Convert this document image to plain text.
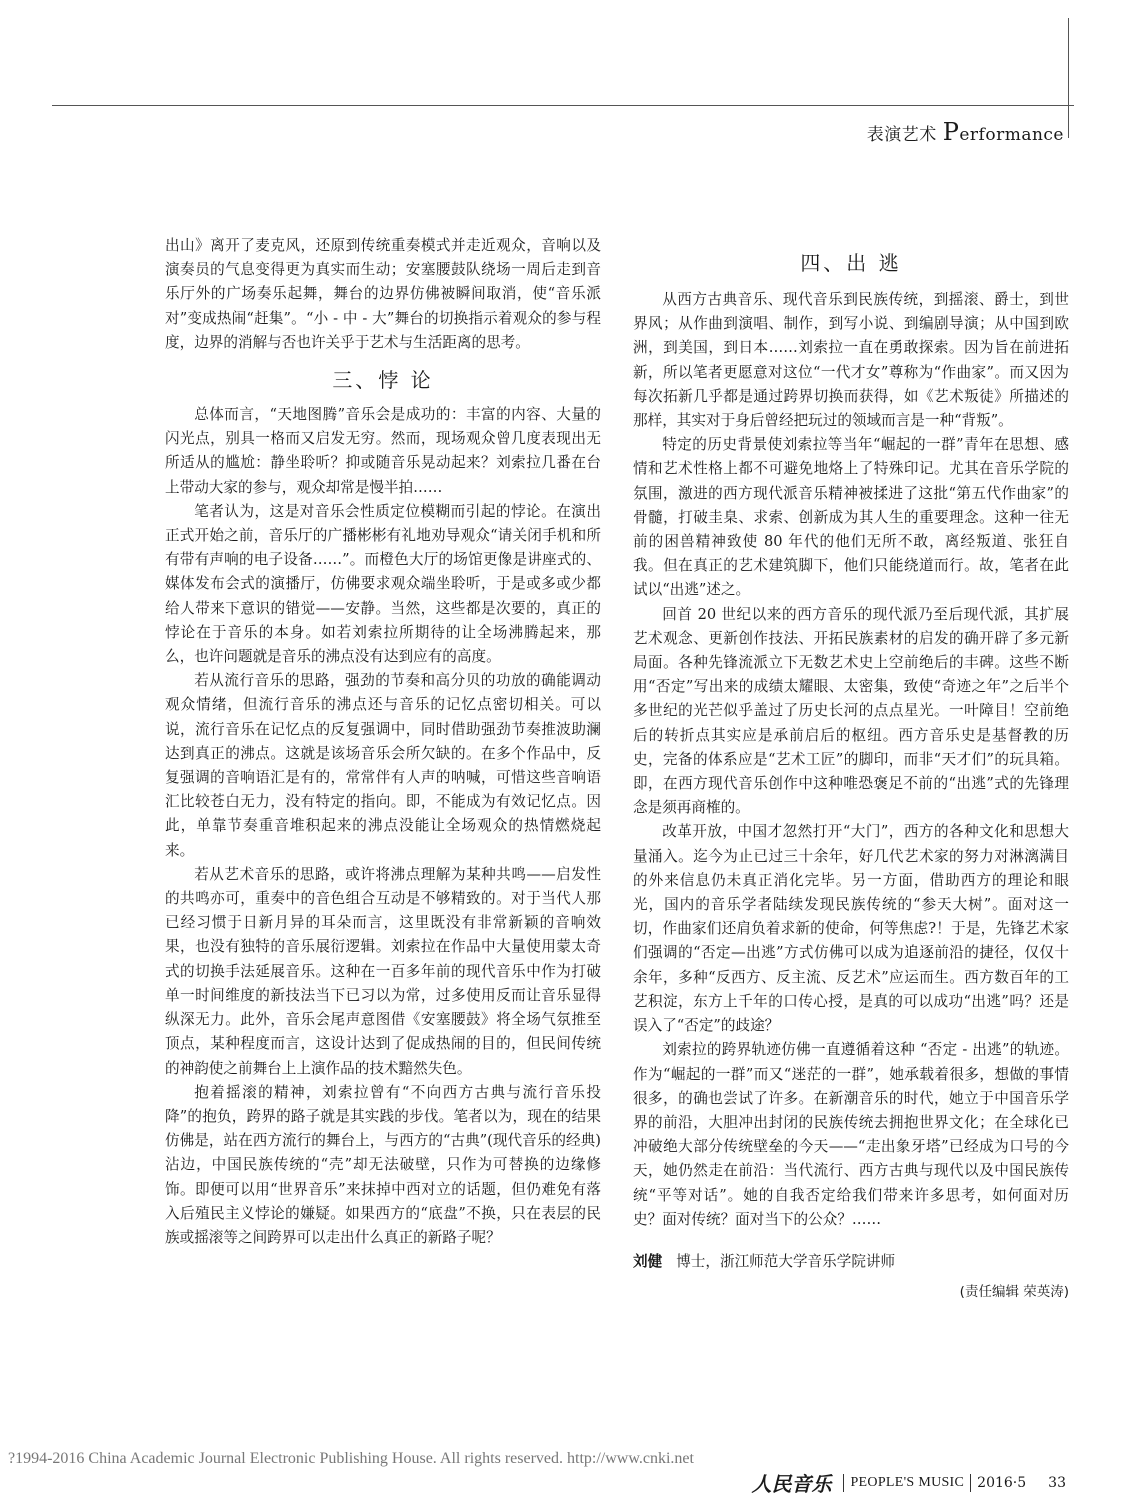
表演艺术 Performance

出山》离开了麦克风，还原到传统重奏模式并走近观众，音响以及演奏员的气息变得更为真实而生动；安塞腰鼓队绕场一周后走到音乐厅外的广场奏乐起舞，舞台的边界仿佛被瞬间取消，使“音乐派对”变成热闹“赶集”。“小 - 中 - 大”舞台的切换指示着观众的参与程度，边界的消解与否也许关乎于艺术与生活距离的思考。

三、悖 论

总体而言，“天地图腾”音乐会是成功的：丰富的内容、大量的闪光点，别具一格而又启发无穷。然而，现场观众曾几度表现出无所适从的尴尬：静坐聆听？抑或随音乐晃动起来？刘索拉几番在台上带动大家的参与，观众却常是慢半拍……

笔者认为，这是对音乐会性质定位模糊而引起的悖论。在演出正式开始之前，音乐厅的广播彬彬有礼地劝导观众“请关闭手机和所有带有声响的电子设备……”。而橙色大厅的场馆更像是讲座式的、媒体发布会式的演播厅，仿佛要求观众端坐聆听，于是或多或少都给人带来下意识的错觉——安静。当然，这些都是次要的，真正的悖论在于音乐的本身。如若刘索拉所期待的让全场沸腾起来，那么，也许问题就是音乐的沸点没有达到应有的高度。

若从流行音乐的思路，强劲的节奏和高分贝的功放的确能调动观众情绪，但流行音乐的沸点还与音乐的记忆点密切相关。可以说，流行音乐在记忆点的反复强调中，同时借助强劲节奏推波助澜达到真正的沸点。这就是该场音乐会所欠缺的。在多个作品中，反复强调的音响语汇是有的，常常伴有人声的呐喊，可惜这些音响语汇比较苍白无力，没有特定的指向。即，不能成为有效记忆点。因此，单靠节奏重音堆积起来的沸点没能让全场观众的热情燃烧起来。

若从艺术音乐的思路，或许将沸点理解为某种共鸣——启发性的共鸣亦可，重奏中的音色组合互动是不够精致的。对于当代人那已经习惯于日新月异的耳朵而言，这里既没有非常新颖的音响效果，也没有独特的音乐展衍逻辑。刘索拉在作品中大量使用蒙太奇式的切换手法延展音乐。这种在一百多年前的现代音乐中作为打破单一时间维度的新技法当下已习以为常，过多使用反而让音乐显得纵深无力。此外，音乐会尾声意图借《安塞腰鼓》将全场气氛推至顶点，某种程度而言，这设计达到了促成热闹的目的，但民间传统的神韵使之前舞台上上演作品的技术黯然失色。

抱着摇滚的精神，刘索拉曾有“不向西方古典与流行音乐投降”的抱负，跨界的路子就是其实践的步伐。笔者以为，现在的结果仿佛是，站在西方流行的舞台上，与西方的“古典”(现代音乐的经典)沾边，中国民族传统的“壳”却无法破壁，只作为可替换的边缘修饰。即便可以用“世界音乐”来抹掉中西对立的话题，但仍难免有落入后殖民主义悖论的嫌疑。如果西方的“底盘”不换，只在表层的民族或摇滚等之间跨界可以走出什么真正的新路子呢？

四、出 逃

从西方古典音乐、现代音乐到民族传统，到摇滚、爵士，到世界风；从作曲到演唱、制作，到写小说、到编剧导演；从中国到欧洲，到美国，到日本……刘索拉一直在勇敢探索。因为旨在前进拓新，所以笔者更愿意对这位“一代才女”尊称为“作曲家”。而又因为每次拓新几乎都是通过跨界切换而获得，如《艺术叛徒》所描述的那样，其实对于身后曾经把玩过的领域而言是一种“背叛”。

特定的历史背景使刘索拉等当年“崛起的一群”青年在思想、感情和艺术性格上都不可避免地烙上了特殊印记。尤其在音乐学院的氛围，激进的西方现代派音乐精神被揉进了这批“第五代作曲家”的骨髓，打破圭臬、求索、创新成为其人生的重要理念。这种一往无前的困兽精神致使 80 年代的他们无所不敢，离经叛道、张狂自我。但在真正的艺术建筑脚下，他们只能绕道而行。故，笔者在此试以“出逃”述之。

回首 20 世纪以来的西方音乐的现代派乃至后现代派，其扩展艺术观念、更新创作技法、开拓民族素材的启发的确开辟了多元新局面。各种先锋流派立下无数艺术史上空前绝后的丰碑。这些不断用“否定”写出来的成绩太耀眼、太密集，致使“奇迹之年”之后半个多世纪的光芒似乎盖过了历史长河的点点星光。一叶障目！空前绝后的转折点其实应是承前启后的枢纽。西方音乐史是基督教的历史，完备的体系应是“艺术工匠”的脚印，而非“天才们”的玩具箱。即，在西方现代音乐创作中这种唯恐褒足不前的“出逃”式的先锋理念是须再商榷的。

改革开放，中国才忽然打开“大门”，西方的各种文化和思想大量涌入。迄今为止已过三十余年，好几代艺术家的努力对淋漓满目的外来信息仍未真正消化完毕。另一方面，借助西方的理论和眼光，国内的音乐学者陆续发现民族传统的“参天大树”。面对这一切，作曲家们还肩负着求新的使命，何等焦虑?！于是，先锋艺术家们强调的“否定—出逃”方式仿佛可以成为追逐前沿的捷径，仅仅十余年，多种“反西方、反主流、反艺术”应运而生。西方数百年的工艺积淀，东方上千年的口传心授，是真的可以成功“出逃”吗？还是误入了“否定”的歧途？

刘索拉的跨界轨迹仿佛一直遵循着这种 “否定 - 出逃”的轨迹。作为“崛起的一群”而又“迷茫的一群”，她承载着很多，想做的事情很多，的确也尝试了许多。在新潮音乐的时代，她立于中国音乐学界的前沿，大胆冲出封闭的民族传统去拥抱世界文化；在全球化已冲破绝大部分传统壁垒的今天——“走出象牙塔”已经成为口号的今天，她仍然走在前沿：当代流行、西方古典与现代以及中国民族传统“平等对话”。她的自我否定给我们带来许多思考，如何面对历史？面对传统？面对当下的公众？……

刘健 博士，浙江师范大学音乐学院讲师
(责任编辑 荣英涛)
?1994-2016 China Academic Journal Electronic Publishing House. All rights reserved. http://www.cnki.net
人民音乐 PEOPLE'S MUSIC 2016·5 33
